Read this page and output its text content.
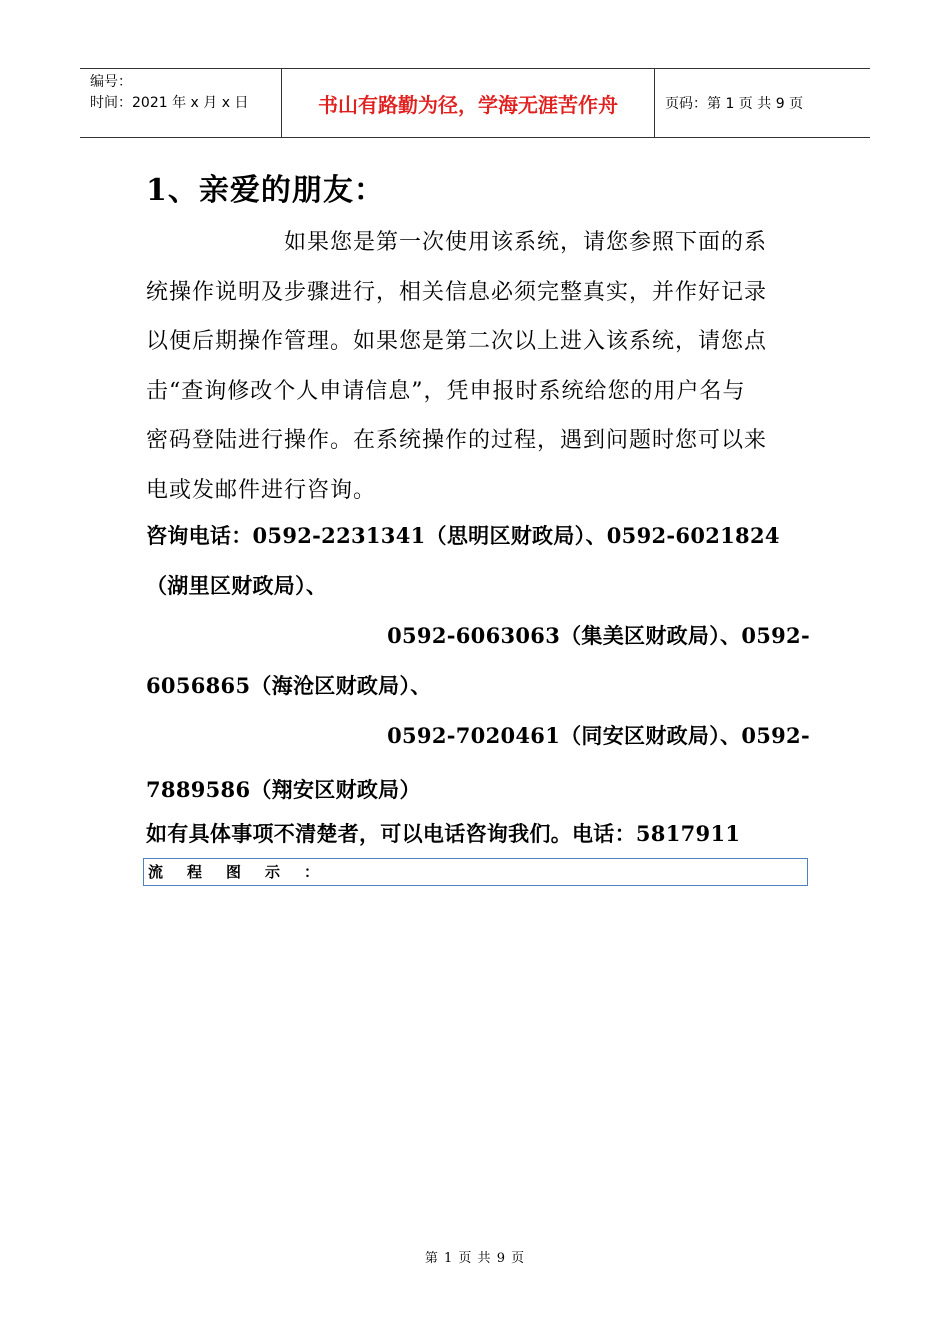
编号：
时间：2021 年 x 月 x 日	书山有路勤为径，学海无涯苦作舟	页码：第 1 页 共 9 页
1、亲爱的朋友：
如果您是第一次使用该系统，请您参照下面的系
统操作说明及步骤进行，相关信息必须完整真实，并作好记录
以便后期操作管理。如果您是第二次以上进入该系统，请您点
击“查询修改个人申请信息”，凭申报时系统给您的用户名与
密码登陆进行操作。在系统操作的过程，遇到问题时您可以来
电或发邮件进行咨询。
咨询电话：0592-2231341（思明区财政局）、0592-6021824
（湖里区财政局）、
0592-6063063（集美区财政局）、0592-
6056865（海沧区财政局）、
0592-7020461（同安区财政局）、0592-
7889586（翔安区财政局）
如有具体事项不清楚者，可以电话咨询我们。电话：5817911
流程图示：
第 1 页 共 9 页
